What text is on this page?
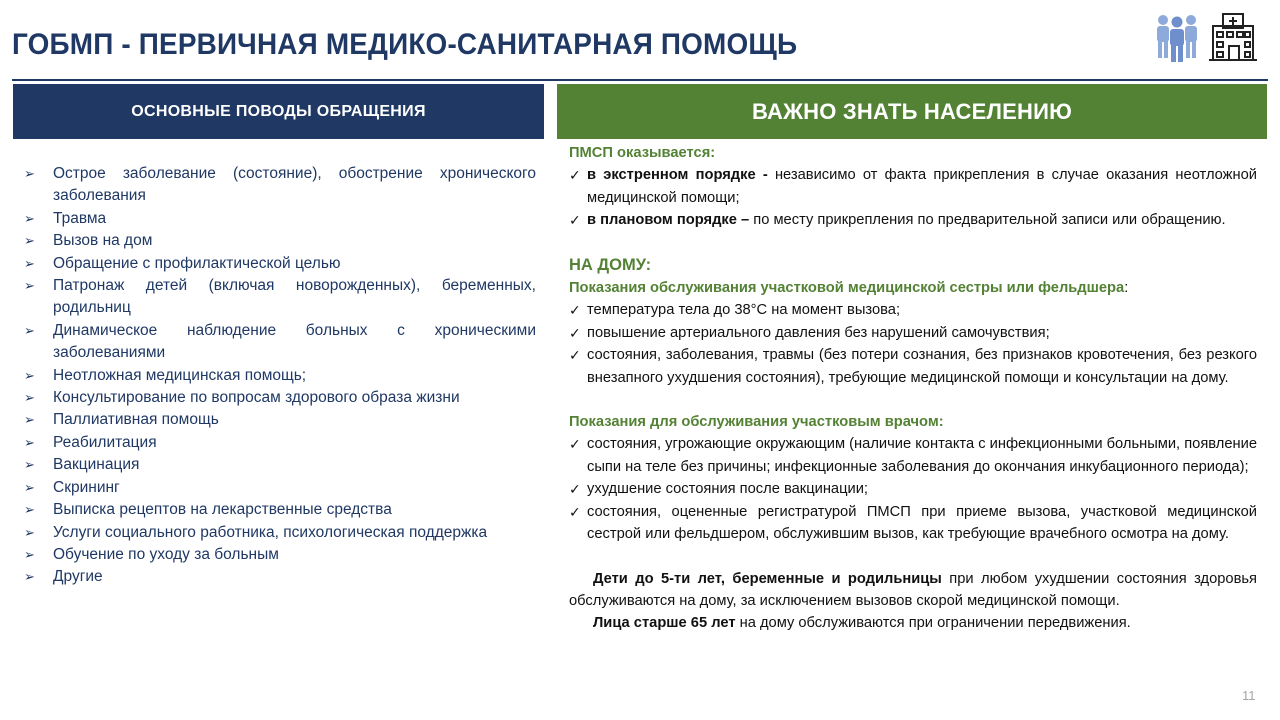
ГОБМП - ПЕРВИЧНАЯ МЕДИКО-САНИТАРНАЯ ПОМОЩЬ
ОСНОВНЫЕ ПОВОДЫ ОБРАЩЕНИЯ	ВАЖНО ЗНАТЬ НАСЕЛЕНИЮ
➢ Острое заболевание (состояние), обострение хронического заболевания
➢ Травма
➢ Вызов на дом
➢ Обращение с профилактической целью
➢ Патронаж детей (включая новорожденных), беременных, родильниц
➢ Динамическое наблюдение больных с хроническими заболеваниями
➢ Неотложная медицинская помощь;
➢ Консультирование по вопросам здорового образа жизни
➢ Паллиативная помощь
➢ Реабилитация
➢ Вакцинация
➢ Скрининг
➢ Выписка рецептов на лекарственные средства
➢ Услуги социального работника, психологическая поддержка
➢ Обучение по уходу за больным
➢ Другие
ПМСП оказывается:
✓ в экстренном порядке - независимо от факта прикрепления в случае оказания неотложной медицинской помощи;
✓ в плановом порядке – по месту прикрепления по предварительной записи или обращению.
НА ДОМУ:
Показания обслуживания участковой медицинской сестры или фельдшера:
✓ температура тела до 38°С на момент вызова;
✓ повышение артериального давления без нарушений самочувствия;
✓ состояния, заболевания, травмы (без потери сознания, без признаков кровотечения, без резкого внезапного ухудшения состояния), требующие медицинской помощи и консультации на дому.
Показания для обслуживания участковым врачом:
✓ состояния, угрожающие окружающим (наличие контакта с инфекционными больными, появление сыпи на теле без причины; инфекционные заболевания до окончания инкубационного периода);
✓ ухудшение состояния после вакцинации;
✓ состояния, оцененные регистратурой ПМСП при приеме вызова, участковой медицинской сестрой или фельдшером, обслужившим вызов, как требующие врачебного осмотра на дому.
Дети до 5-ти лет, беременные и родильницы при любом ухудшении состояния здоровья обслуживаются на дому, за исключением вызовов скорой медицинской помощи.
Лица старше 65 лет на дому обслуживаются при ограничении передвижения.
11
